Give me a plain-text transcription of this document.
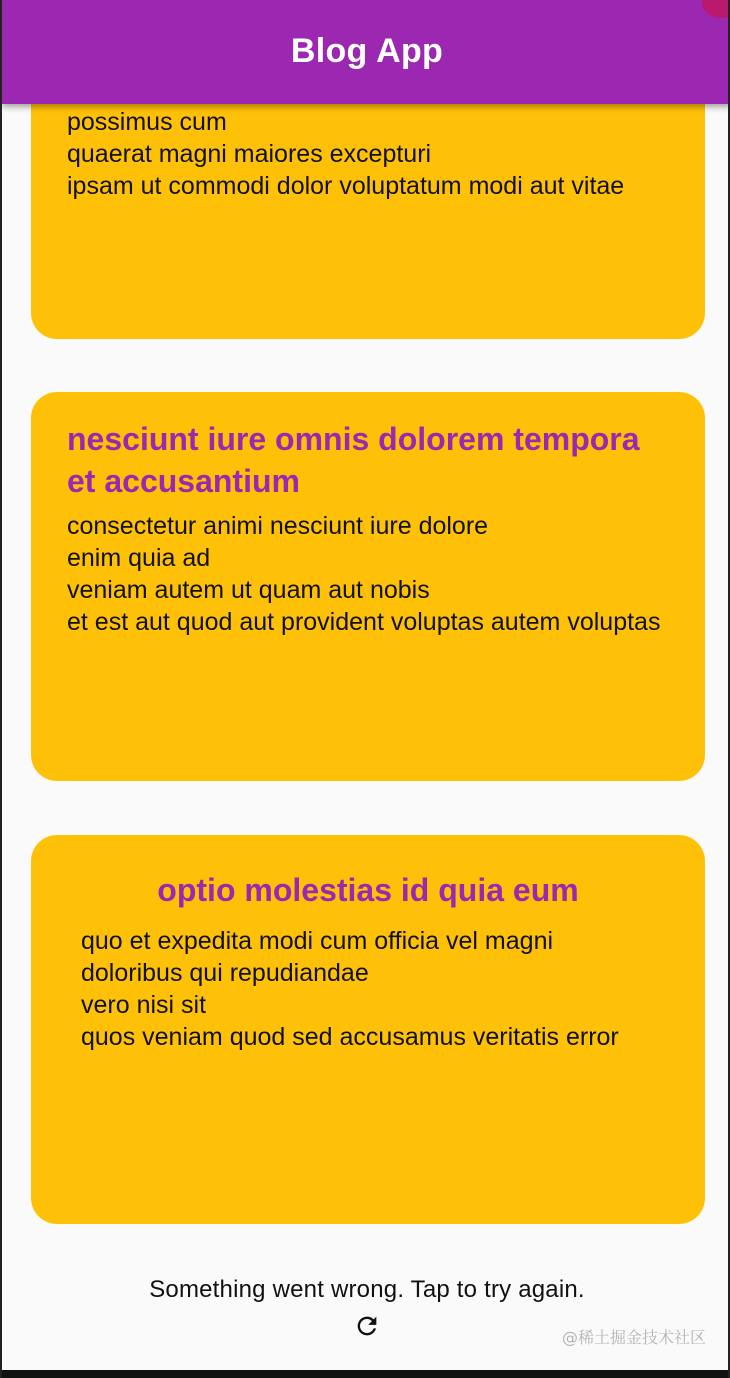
Blog App

possimus cum
quaerat magni maiores excepturi
ipsam ut commodi dolor voluptatum modi aut vitae

nesciunt iure omnis dolorem tempora et accusantium

consectetur animi nesciunt iure dolore
enim quia ad
veniam autem ut quam aut nobis
et est aut quod aut provident voluptas autem voluptas

optio molestias id quia eum

quo et expedita modi cum officia vel magni
doloribus qui repudiandae
vero nisi sit
quos veniam quod sed accusamus veritatis error

Something went wrong. Tap to try again.
@稀土掘金技术社区
